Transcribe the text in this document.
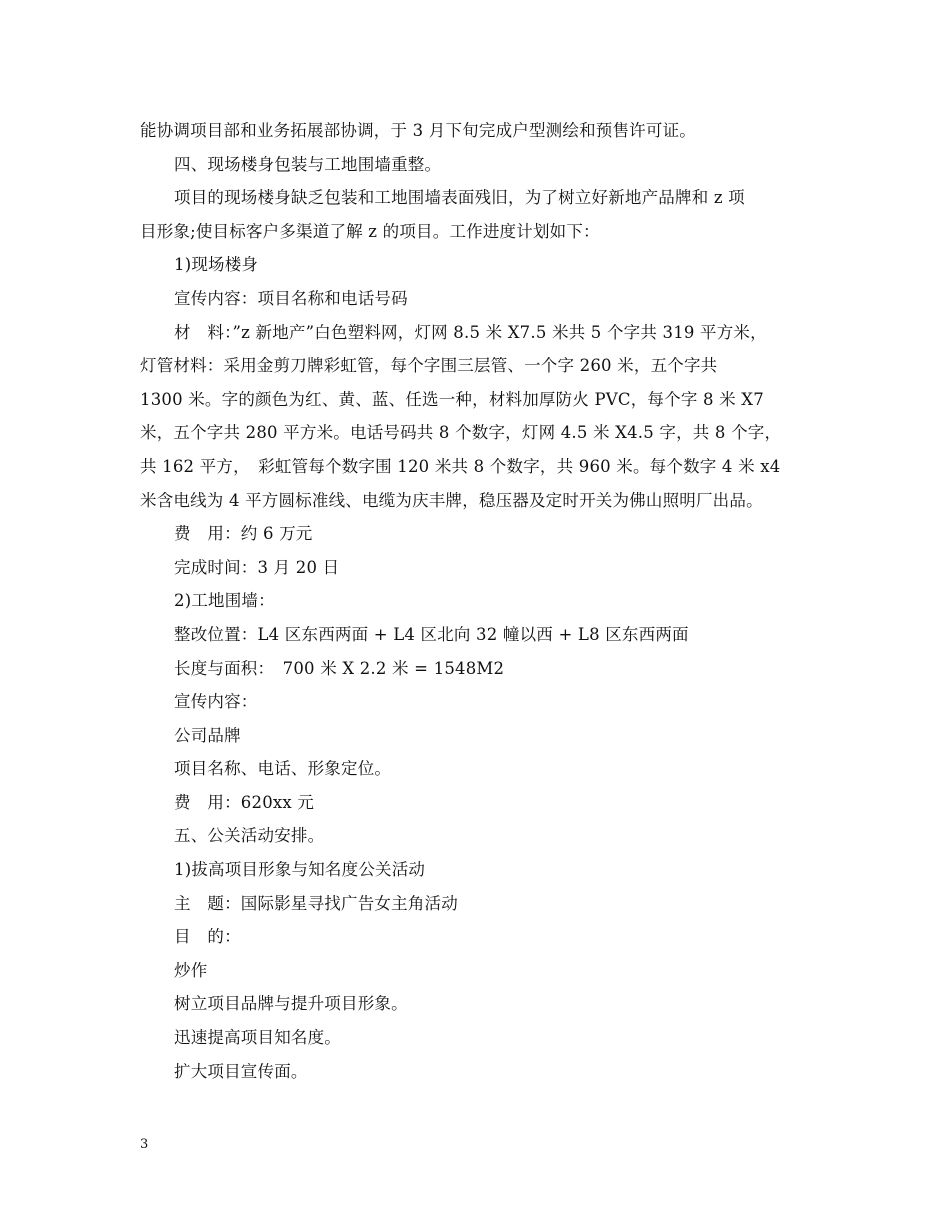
能协调项目部和业务拓展部协调，于 3 月下旬完成户型测绘和预售许可证。
四、现场楼身包装与工地围墙重整。
项目的现场楼身缺乏包装和工地围墙表面残旧，为了树立好新地产品牌和 z 项
目形象;使目标客户多渠道了解 z 的项目。工作进度计划如下：
1)现场楼身
宣传内容：项目名称和电话号码
材　料：”z 新地产”白色塑料网，灯网 8.5 米 X7.5 米共 5 个字共 319 平方米，
灯管材料：采用金剪刀牌彩虹管，每个字围三层管、一个字 260 米，五个字共
1300 米。字的颜色为红、黄、蓝、任选一种，材料加厚防火 PVC，每个字 8 米 X7
米，五个字共 280 平方米。电话号码共 8 个数字，灯网 4.5 米 X4.5 字，共 8 个字，
共 162 平方，　彩虹管每个数字围 120 米共 8 个数字，共 960 米。每个数字 4 米 x4
米含电线为 4 平方圆标准线、电缆为庆丰牌，稳压器及定时开关为佛山照明厂出品。
费　用：约 6 万元
完成时间：3 月 20 日
2)工地围墙：
整改位置：L4 区东西两面 + L4 区北向 32 幢以西 + L8 区东西两面
长度与面积：　700 米 X 2.2 米 = 1548M2
宣传内容：
公司品牌
项目名称、电话、形象定位。
费　用：620xx 元
五、公关活动安排。
1)拔高项目形象与知名度公关活动
主　题：国际影星寻找广告女主角活动
目　的：
炒作
树立项目品牌与提升项目形象。
迅速提高项目知名度。
扩大项目宣传面。
3
